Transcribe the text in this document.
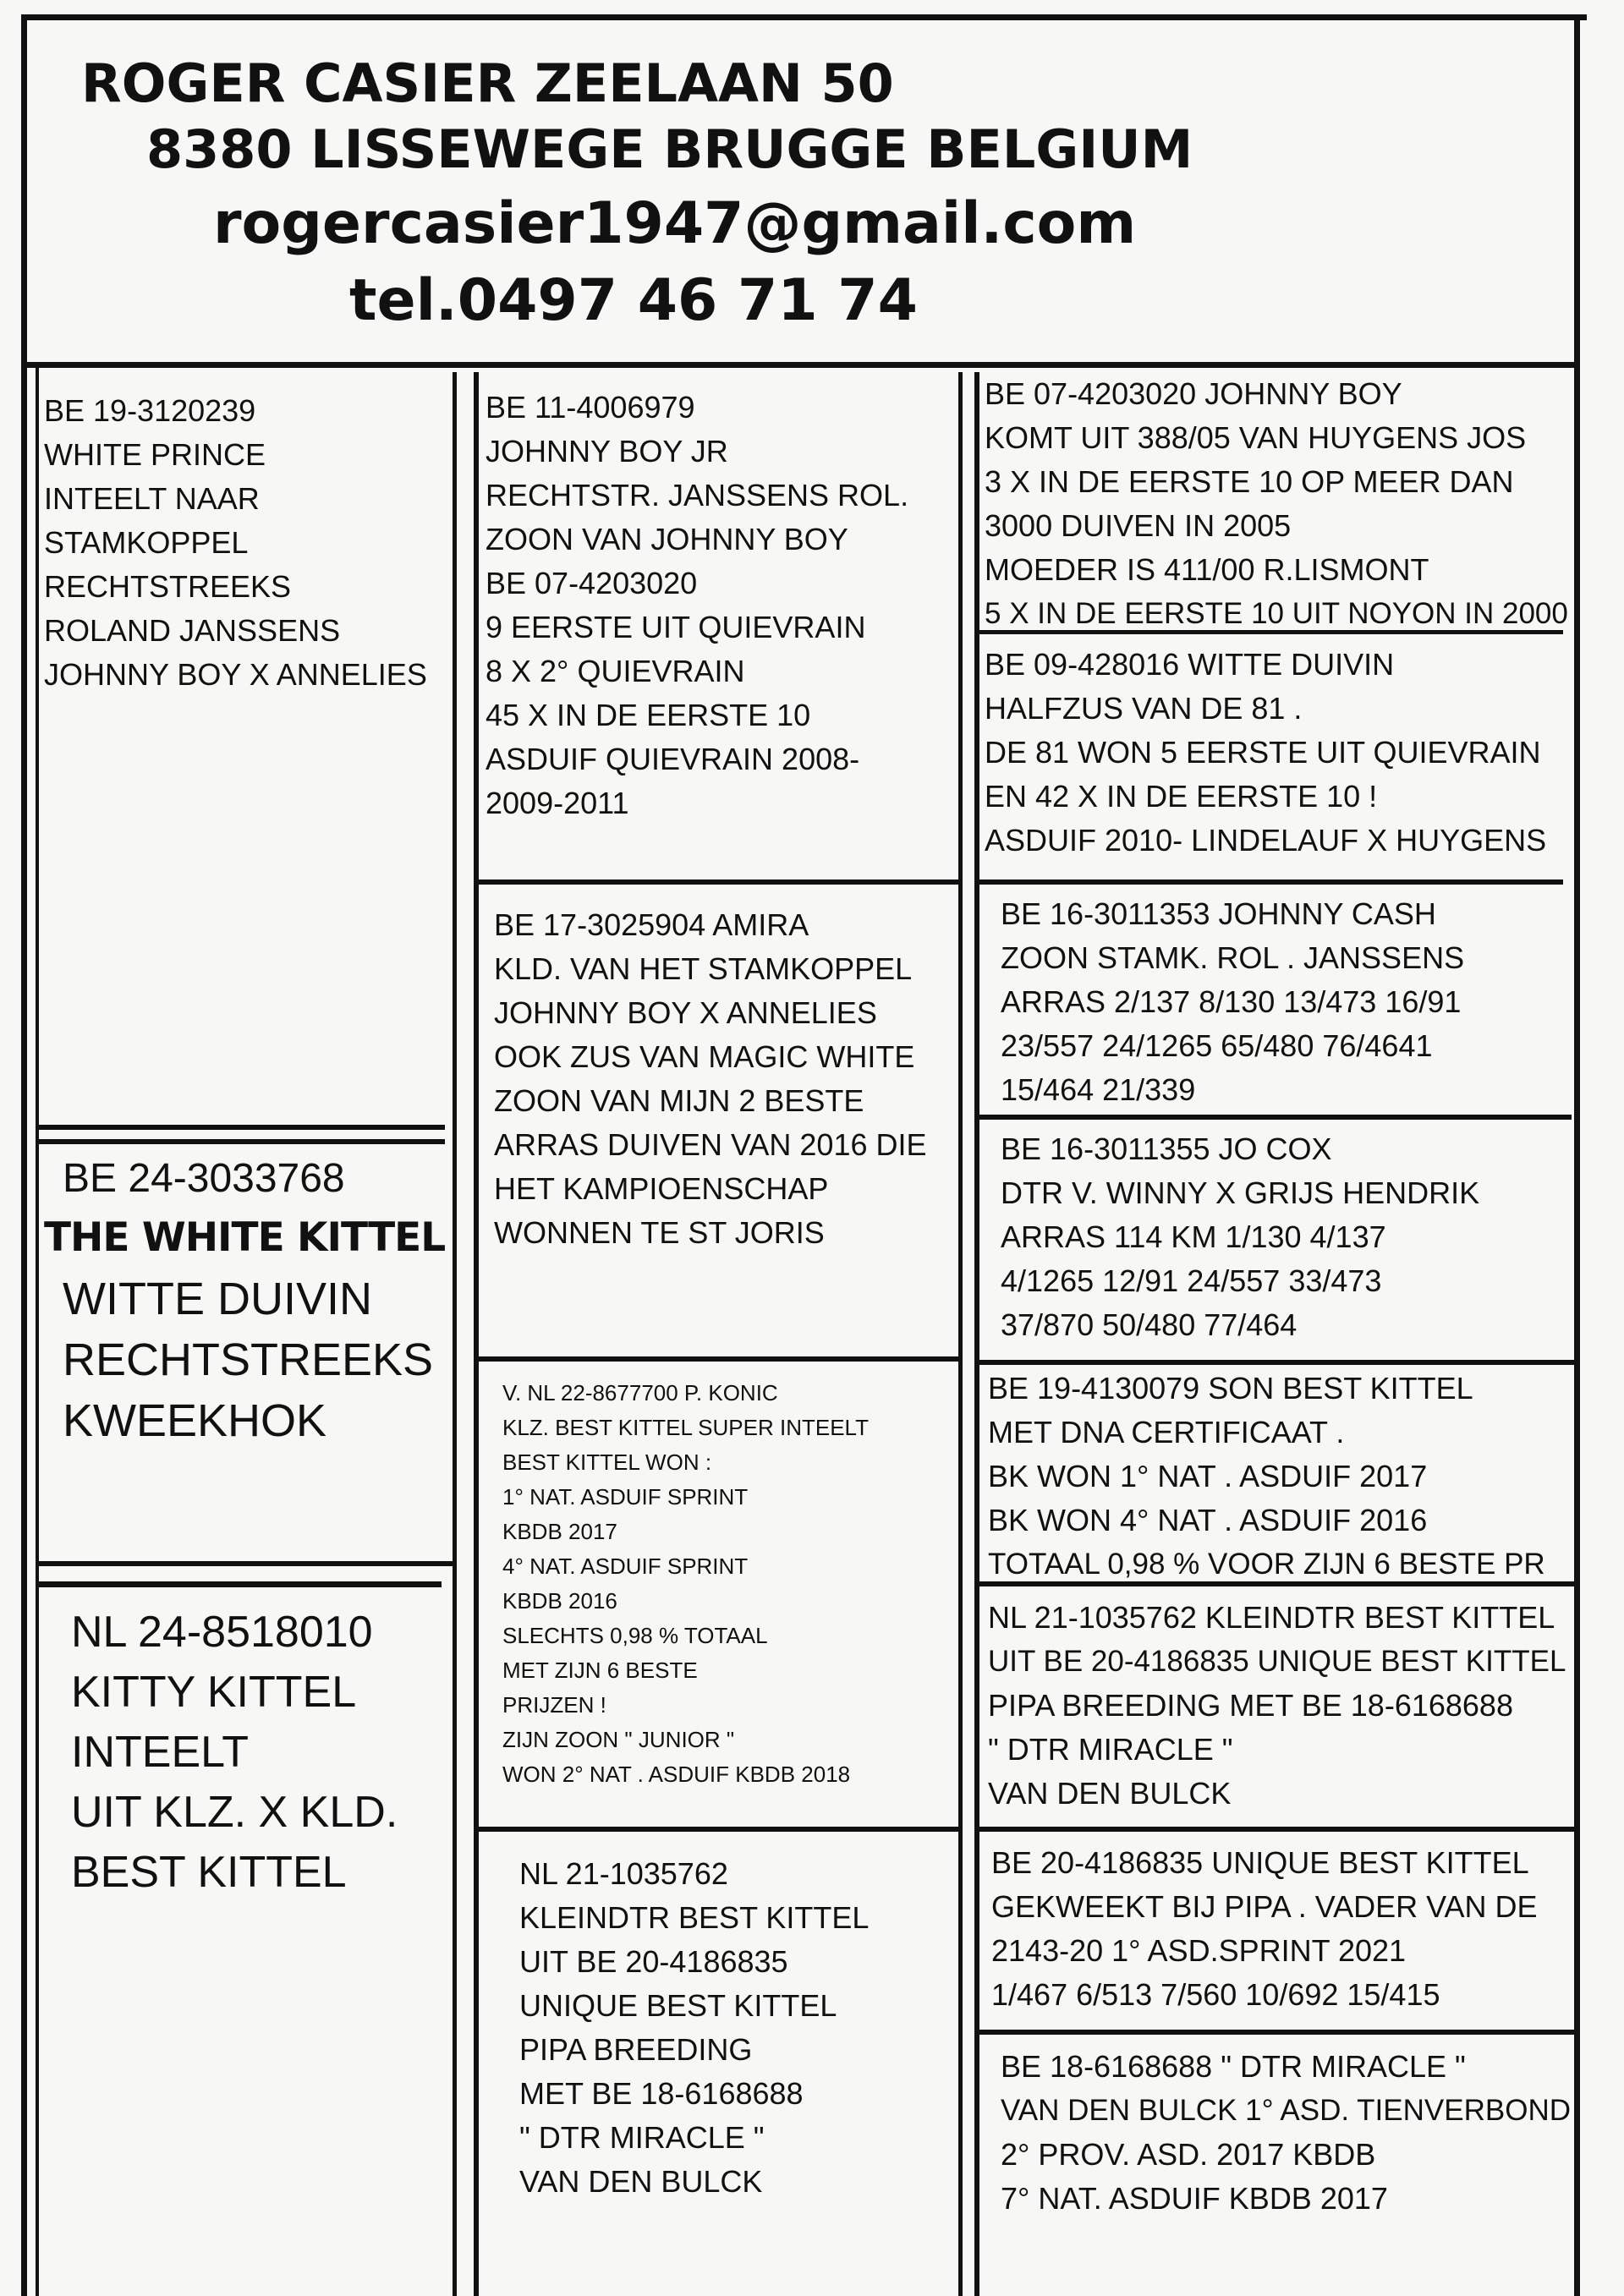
ROGER CASIER ZEELAAN 50
8380 LISSEWEGE BRUGGE BELGIUM
rogercasier1947@gmail.com
tel.0497 46 71 74
BE 19-3120239
WHITE PRINCE
INTEELT NAAR
STAMKOPPEL
RECHTSTREEKS
ROLAND JANSSENS
JOHNNY BOY X ANNELIES
BE 24-3033768
THE WHITE KITTEL
WITTE DUIVIN
RECHTSTREEKS
KWEEKHOK
NL 24-8518010
KITTY KITTEL
INTEELT
UIT KLZ. X KLD.
BEST KITTEL
BE 11-4006979
JOHNNY BOY JR
RECHTSTR. JANSSENS ROL.
ZOON VAN JOHNNY BOY
BE 07-4203020
9 EERSTE UIT QUIEVRAIN
8 X 2° QUIEVRAIN
45 X IN DE EERSTE 10
ASDUIF QUIEVRAIN 2008-
2009-2011
BE 17-3025904 AMIRA
KLD. VAN HET STAMKOPPEL
JOHNNY BOY X ANNELIES
OOK ZUS VAN MAGIC WHITE
ZOON VAN MIJN 2 BESTE
ARRAS DUIVEN VAN 2016 DIE
HET KAMPIOENSCHAP
WONNEN TE ST JORIS
V. NL 22-8677700 P. KONIC
KLZ. BEST KITTEL SUPER INTEELT
BEST KITTEL WON :
1° NAT. ASDUIF SPRINT
KBDB 2017
4° NAT. ASDUIF SPRINT
KBDB 2016
SLECHTS 0,98 % TOTAAL
MET ZIJN 6 BESTE
PRIJZEN !
ZIJN ZOON " JUNIOR "
WON 2° NAT . ASDUIF KBDB 2018
NL 21-1035762
KLEINDTR BEST KITTEL
UIT BE 20-4186835
UNIQUE BEST KITTEL
PIPA BREEDING
MET BE 18-6168688
" DTR MIRACLE "
VAN DEN BULCK
BE 07-4203020 JOHNNY BOY
KOMT UIT 388/05 VAN HUYGENS JOS
3 X IN DE EERSTE 10 OP MEER DAN
3000 DUIVEN IN 2005
MOEDER IS 411/00 R.LISMONT
5 X IN DE EERSTE 10 UIT NOYON IN 2000
BE 09-428016 WITTE DUIVIN
HALFZUS VAN DE 81 .
DE 81 WON 5 EERSTE UIT QUIEVRAIN
EN 42 X IN DE EERSTE 10 !
ASDUIF 2010- LINDELAUF X HUYGENS
BE 16-3011353 JOHNNY CASH
ZOON STAMK. ROL . JANSSENS
ARRAS 2/137 8/130 13/473 16/91
23/557 24/1265 65/480 76/4641
15/464 21/339
BE 16-3011355 JO COX
DTR V. WINNY X GRIJS HENDRIK
ARRAS 114 KM 1/130 4/137
4/1265 12/91 24/557 33/473
37/870 50/480 77/464
BE 19-4130079 SON BEST KITTEL
MET DNA CERTIFICAAT .
BK WON 1° NAT . ASDUIF 2017
BK WON 4° NAT . ASDUIF 2016
TOTAAL 0,98 % VOOR ZIJN 6 BESTE PR
NL 21-1035762 KLEINDTR BEST KITTEL
UIT BE 20-4186835 UNIQUE BEST KITTEL
PIPA BREEDING MET BE 18-6168688
" DTR MIRACLE "
VAN DEN BULCK
BE 20-4186835 UNIQUE BEST KITTEL
GEKWEEKT BIJ PIPA . VADER VAN DE
2143-20 1° ASD.SPRINT 2021
1/467 6/513 7/560 10/692 15/415
BE 18-6168688 " DTR MIRACLE "
VAN DEN BULCK 1° ASD. TIENVERBOND
2° PROV. ASD. 2017 KBDB
7° NAT. ASDUIF KBDB 2017
